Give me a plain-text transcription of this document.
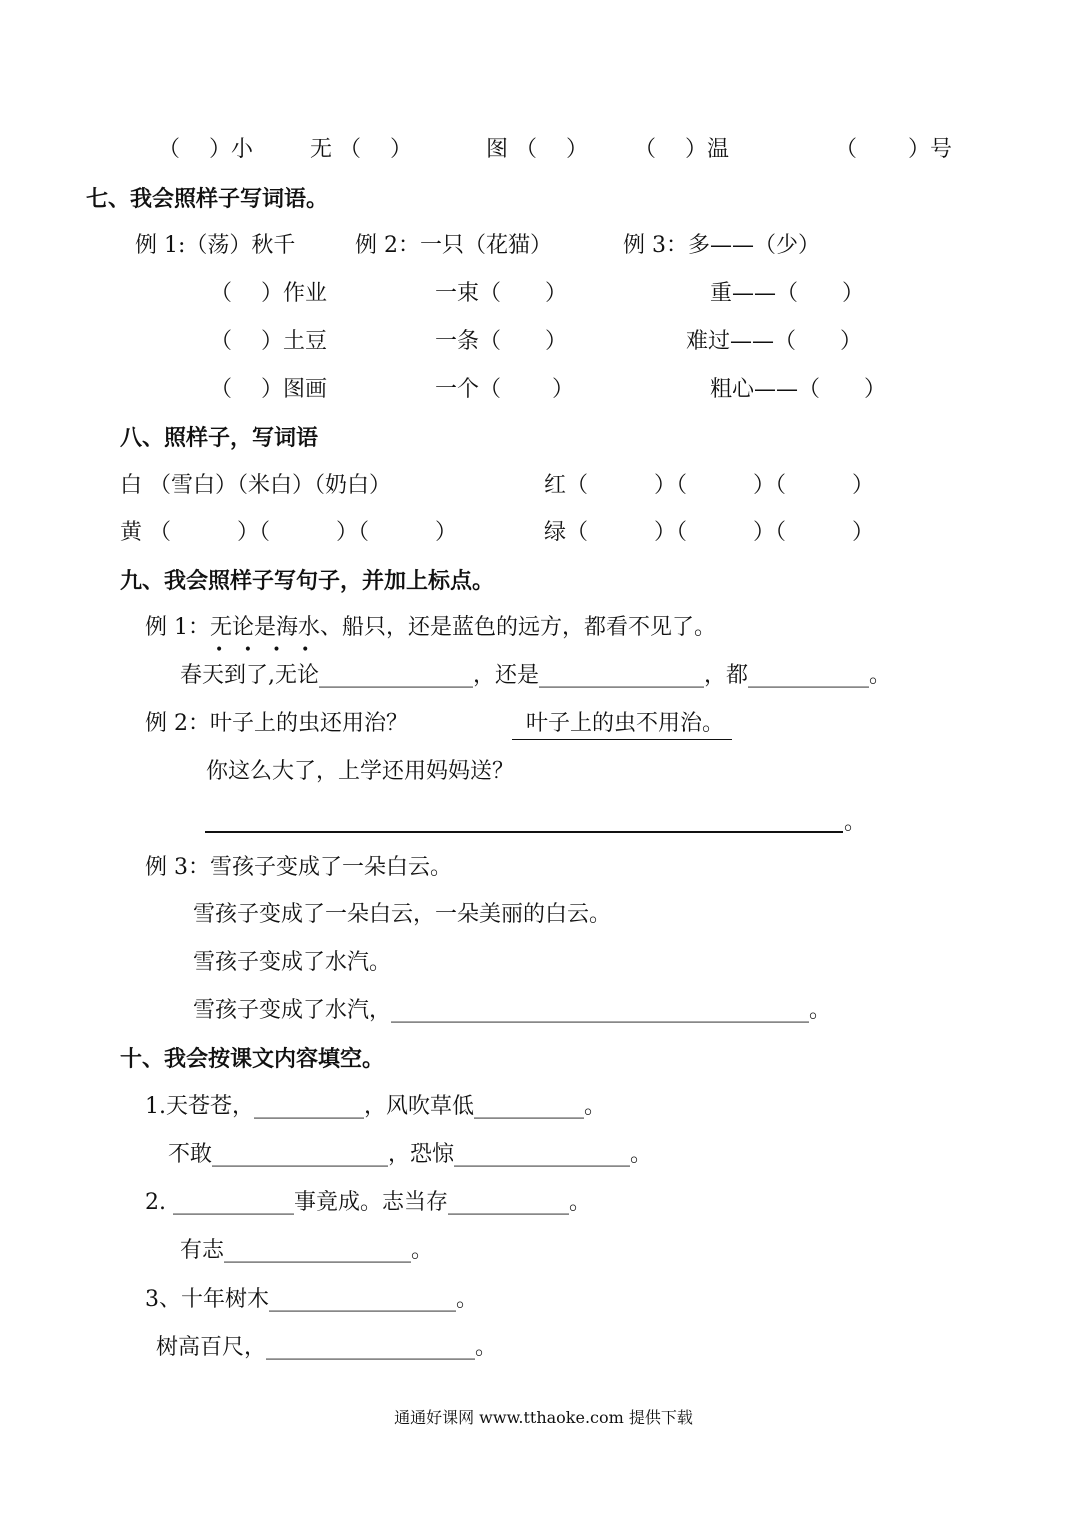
（　 ）小	无 （　 ）	图 （　 ） （　 ）温	（　　 ）号
七、我会照样子写词语。
例 1:（荡）秋千	例 2：一只（花猫）	例 3：多——（少）
（　 ）作业	一束（　　）	重——（　　）
（　 ）土豆	一条（　　）	难过——（　　）
（　 ）图画	一个（　　 ）	粗心——（　　）
八、照样子，写词语
白 （雪白）（米白）（奶白）	红（　　　）（　　　）（　　　）
黄 （　　　）（　　　）（　　　）	绿（　　　）（　　　）（　　　）
九、我会照样子写句子，并加上标点。
例 1：无论是海水、船只，还是蓝色的远方，都看不见了。
• • • •
春天到了,无论______________，还是_______________，都___________。
例 2：叶子上的虫还用治？	叶子上的虫不用治。
你这么大了，上学还用妈妈送？
。
例 3：雪孩子变成了一朵白云。
雪孩子变成了一朵白云，一朵美丽的白云。
雪孩子变成了水汽。
雪孩子变成了水汽，______________________________________。
十、我会按课文内容填空。
1.天苍苍，__________，风吹草低__________。
不敢________________，恐惊________________。
2. ___________事竟成。志当存___________。
有志_________________。
3、十年树木_________________。
树高百尺，___________________。
通通好课网 www.tthaoke.com 提供下载
